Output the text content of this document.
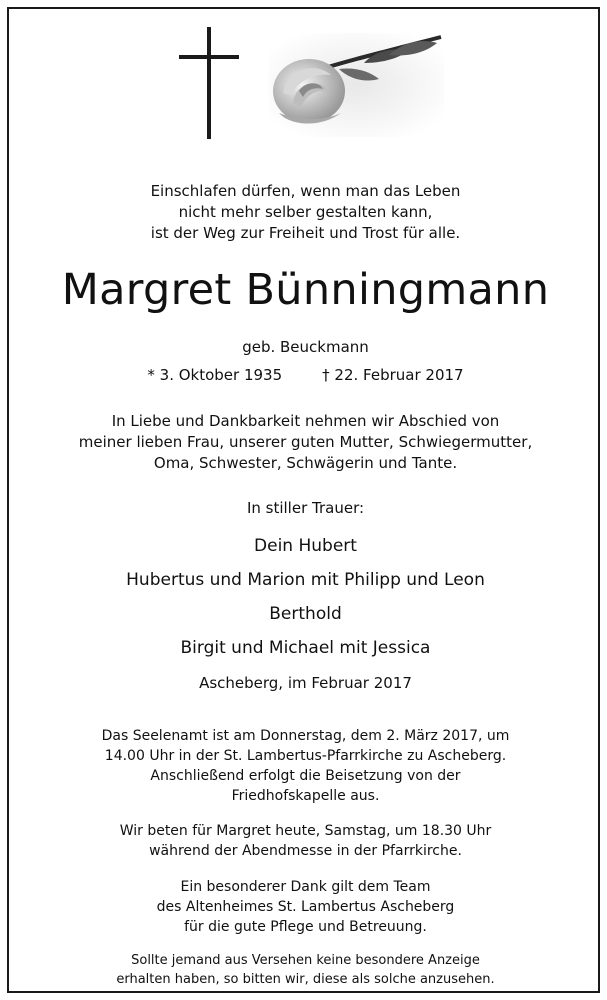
Einschlafen dürfen, wenn man das Leben
nicht mehr selber gestalten kann,
ist der Weg zur Freiheit und Trost für alle.
Margret Bünningmann
geb. Beuckmann
* 3. Oktober 1935	† 22. Februar 2017
In Liebe und Dankbarkeit nehmen wir Abschied von
meiner lieben Frau, unserer guten Mutter, Schwiegermutter,
Oma, Schwester, Schwägerin und Tante.
In stiller Trauer:
Dein Hubert
Hubertus und Marion mit Philipp und Leon
Berthold
Birgit und Michael mit Jessica
Ascheberg, im Februar 2017
Das Seelenamt ist am Donnerstag, dem 2. März 2017, um
14.00 Uhr in der St. Lambertus-Pfarrkirche zu Ascheberg.
Anschließend erfolgt die Beisetzung von der
Friedhofskapelle aus.
Wir beten für Margret heute, Samstag, um 18.30 Uhr
während der Abendmesse in der Pfarrkirche.
Ein besonderer Dank gilt dem Team
des Altenheimes St. Lambertus Ascheberg
für die gute Pflege und Betreuung.
Sollte jemand aus Versehen keine besondere Anzeige
erhalten haben, so bitten wir, diese als solche anzusehen.
